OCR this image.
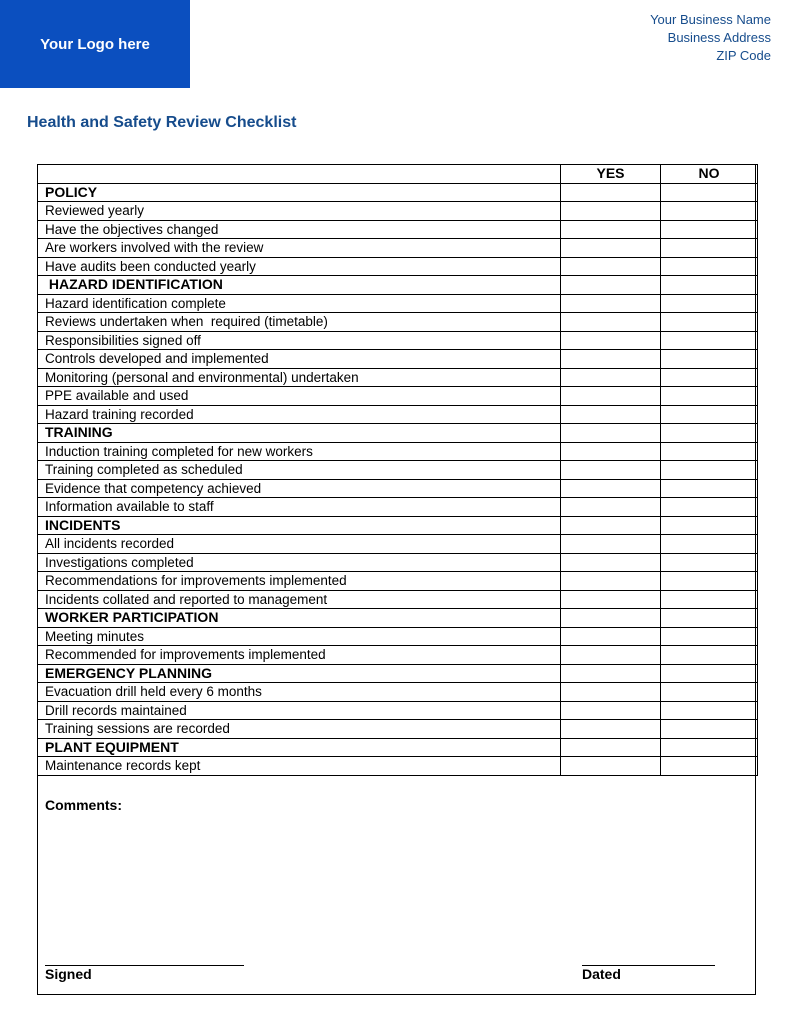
Your Logo here
Your Business Name
Business Address
ZIP Code
Health and Safety Review Checklist
	YES	NO
POLICY		
Reviewed yearly		
Have the objectives changed		
Are workers involved with the review		
Have audits been conducted yearly		
HAZARD IDENTIFICATION		
Hazard identification complete		
Reviews undertaken when  required (timetable)		
Responsibilities signed off		
Controls developed and implemented		
Monitoring (personal and environmental) undertaken		
PPE available and used		
Hazard training recorded		
TRAINING		
Induction training completed for new workers		
Training completed as scheduled		
Evidence that competency achieved		
Information available to staff		
INCIDENTS		
All incidents recorded		
Investigations completed		
Recommendations for improvements implemented		
Incidents collated and reported to management		
WORKER PARTICIPATION		
Meeting minutes		
Recommended for improvements implemented		
EMERGENCY PLANNING		
Evacuation drill held every 6 months		
Drill records maintained		
Training sessions are recorded		
PLANT EQUIPMENT		
Maintenance records kept		
Comments:
Signed	Dated
